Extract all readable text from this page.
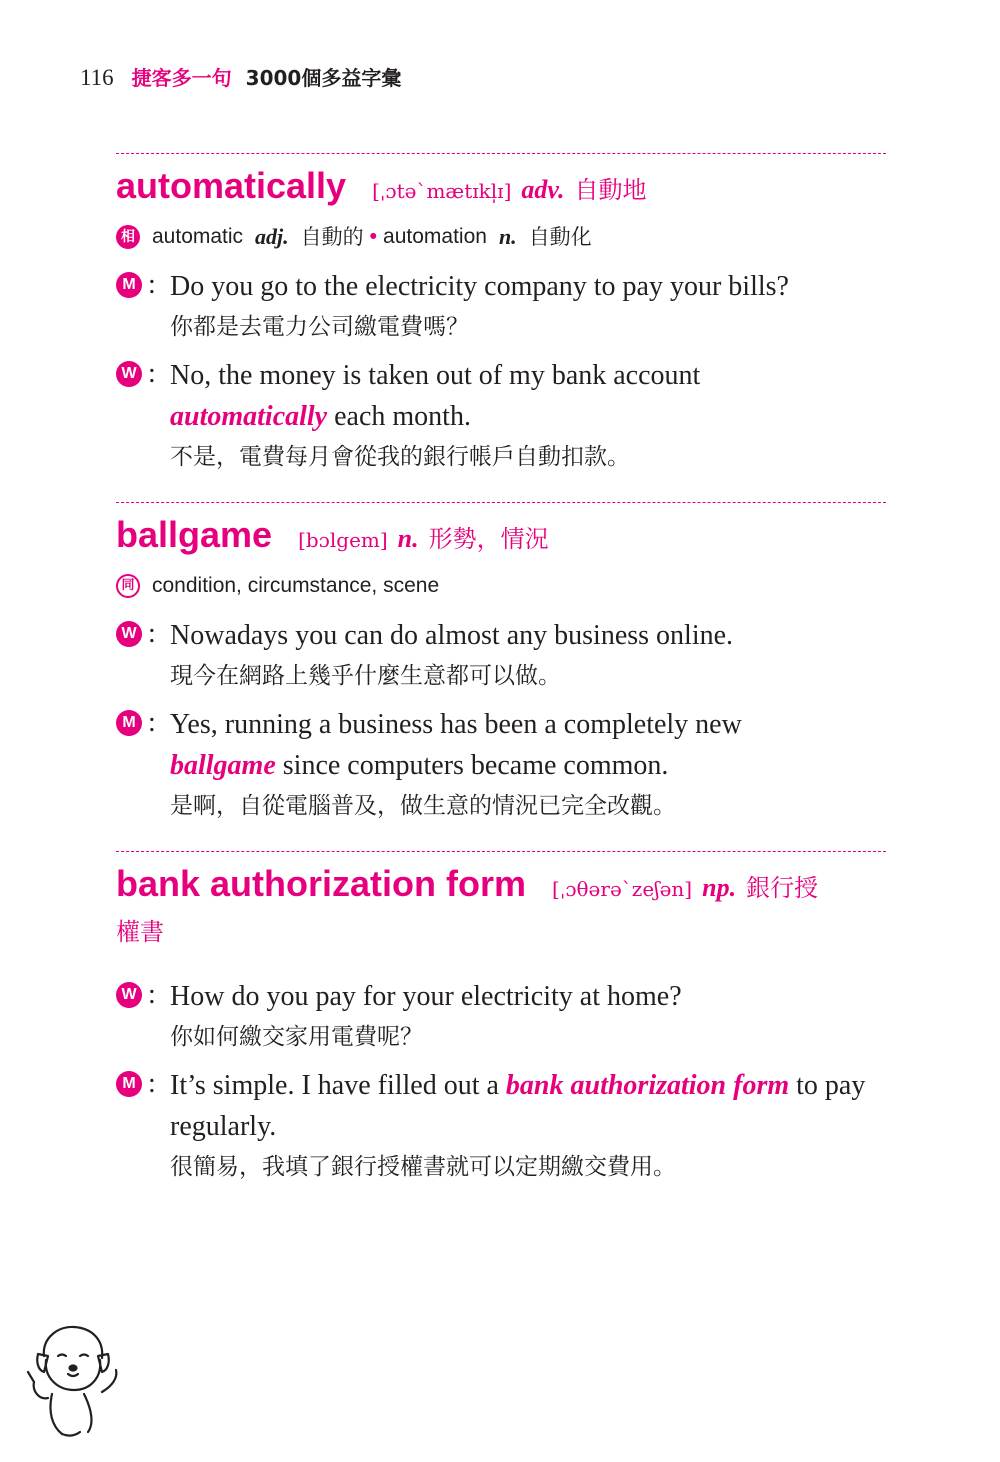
116 捷客多一句 3000個多益字彙
automatically [ˌɔtəˋmætɪkl̩ɪ] adv. 自動地
相 automatic adj. 自動的 • automation n. 自動化
M : Do you go to the electricity company to pay your bills?
你都是去電力公司繳電費嗎？
W : No, the money is taken out of my bank account automatically each month.
不是，電費每月會從我的銀行帳戶自動扣款。
ballgame [bɔlgem] n. 形勢，情況
同 condition, circumstance, scene
W : Nowadays you can do almost any business online.
現今在網路上幾乎什麼生意都可以做。
M : Yes, running a business has been a completely new ballgame since computers became common.
是啊，自從電腦普及，做生意的情況已完全改觀。
bank authorization form [ˌɔθərəˋzeʃən] np. 銀行授
權書
W : How do you pay for your electricity at home?
你如何繳交家用電費呢？
M : It’s simple. I have filled out a bank authorization form to pay regularly.
很簡易，我填了銀行授權書就可以定期繳交費用。
